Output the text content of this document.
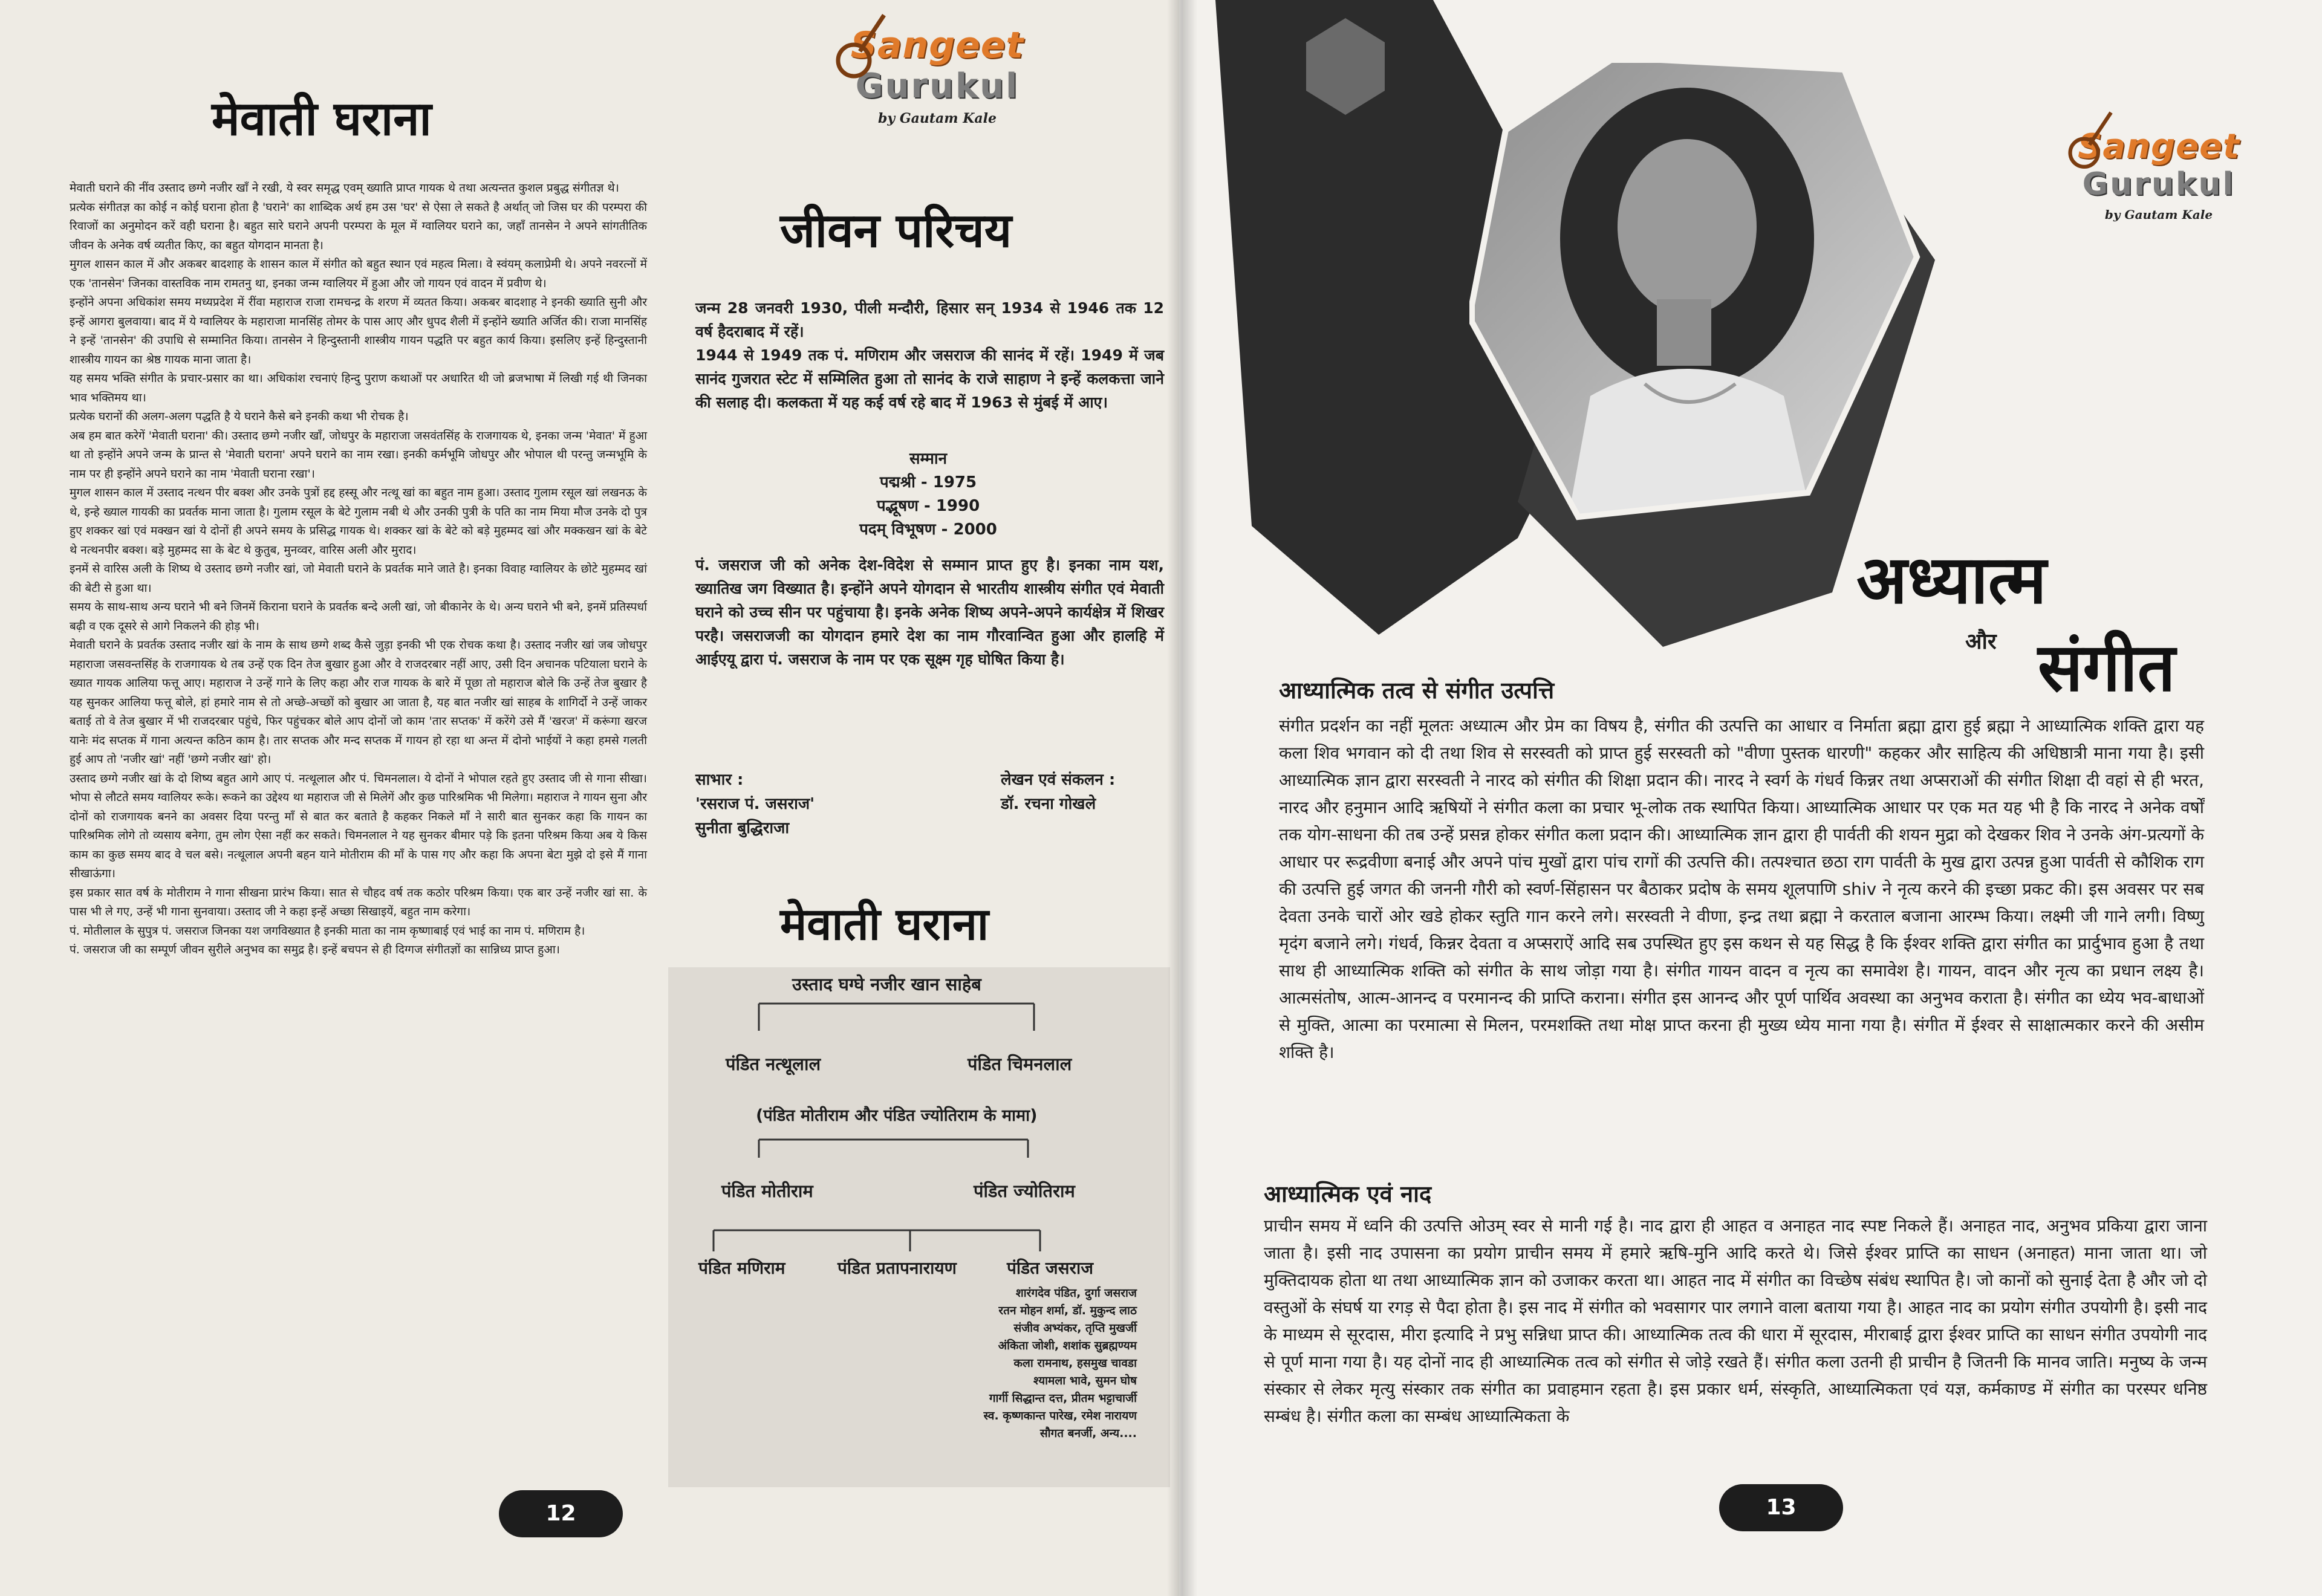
मेवाती घराना

मेवाती घराने की नींव उस्ताद छग्गे नजीर खाँ ने रखी, ये स्वर समृद्ध एवम् ख्याति प्राप्त गायक थे तथा अत्यन्तत कुशल प्रबुद्ध संगीतज्ञ थे।

प्रत्येक संगीतज्ञ का कोई न कोई घराना होता है 'घराने' का शाब्दिक अर्थ हम उस 'घर' से ऐसा ले सकते है अर्थात् जो जिस घर की परम्परा की रिवाजों का अनुमोदन करें वही घराना है। बहुत सारे घराने अपनी परम्परा के मूल में ग्वालियर घराने का, जहाँ तानसेन ने अपने सांगतीतिक जीवन के अनेक वर्ष व्यतीत किए, का बहुत योगदान मानता है।

मुगल शासन काल में और अकबर बादशाह के शासन काल में संगीत को बहुत स्थान एवं महत्व मिला। वे स्वंयम् कलाप्रेमी थे। अपने नवरत्नों में एक 'तानसेन' जिनका वास्तविक नाम रामतनु था, इनका जन्म ग्वालियर में हुआ और जो गायन एवं वादन में प्रवीण थे।

इन्होंने अपना अधिकांश समय मध्यप्रदेश में रींवा महाराज राजा रामचन्द्र के शरण में व्यतत किया। अकबर बादशाह ने इनकी ख्याति सुनी और इन्हें आगरा बुलवाया। बाद में ये ग्वालियर के महाराजा मानसिंह तोमर के पास आए और धुपद शैली में इन्होंने ख्याति अर्जित की। राजा मानसिंह ने इन्हें 'तानसेन' की उपाधि से सम्मानित किया। तानसेन ने हिन्दुस्तानी शास्त्रीय गायन पद्धति पर बहुत कार्य किया। इसलिए इन्हें हिन्दुस्तानी शास्त्रीय गायन का श्रेष्ठ गायक माना जाता है।

यह समय भक्ति संगीत के प्रचार-प्रसार का था। अधिकांश रचनाएं हिन्दु पुराण कथाओं पर अधारित थी जो ब्रजभाषा में लिखी गई थी जिनका भाव भक्तिमय था।

प्रत्येक घरानों की अलग-अलग पद्धति है ये घराने कैसे बने इनकी कथा भी रोचक है।

अब हम बात करेगें 'मेवाती घराना' की। उस्ताद छग्गे नजीर खाँ, जोधपुर के महाराजा जसवंतसिंह के राजगायक थे, इनका जन्म 'मेवात' में हुआ था तो इन्होंने अपने जन्म के प्रान्त से 'मेवाती घराना' अपने घराने का नाम रखा। इनकी कर्मभूमि जोधपुर और भोपाल थी परन्तु जन्मभूमि के नाम पर ही इन्होंने अपने घराने का नाम 'मेवाती घराना रखा'।

मुगल शासन काल में उस्ताद नत्थन पीर बक्श और उनके पुत्रों हद्द हस्सू और नत्थू खां का बहुत नाम हुआ। उस्ताद गुलाम रसूल खां लखनऊ के थे, इन्हे ख्याल गायकी का प्रवर्तक माना जाता है। गुलाम रसूल के बेटे गुलाम नबी थे और उनकी पुत्री के पति का नाम मिया मौज उनके दो पुत्र हुए शक्कर खां एवं मक्खन खां ये दोनों ही अपने समय के प्रसिद्ध गायक थे। शक्कर खां के बेटे को बड़े मुहम्मद खां और मक्कखन खां के बेटे थे नत्थनपीर बक्श। बड़े मुहम्मद सा के बेट थे कुतुब, मुनव्वर, वारिस अली और मुराद।

इनमें से वारिस अली के शिष्य थे उस्ताद छग्गे नजीर खां, जो मेवाती घराने के प्रवर्तक माने जाते है। इनका विवाह ग्वालियर के छोटे मुहम्मद खां की बेटी से हुआ था।

समय के साथ-साथ अन्य घराने भी बने जिनमें किराना घराने के प्रवर्तक बन्दे अली खां, जो बीकानेर के थे। अन्य घराने भी बने, इनमें प्रतिस्पर्धा बढ़ी व एक दूसरे से आगे निकलने की होड़ भी।

मेवाती घराने के प्रवर्तक उस्ताद नजीर खां के नाम के साथ छग्गे शब्द कैसे जुड़ा इनकी भी एक रोचक कथा है। उस्ताद नजीर खां जब जोधपुर महाराजा जसवन्तसिंह के राजगायक थे तब उन्हें एक दिन तेज बुखार हुआ और वे राजदरबार नहीं आए, उसी दिन अचानक पटियाला घराने के ख्यात गायक आलिया फत्तू आए। महाराज ने उन्हें गाने के लिए कहा और राज गायक के बारे में पूछा तो महाराज बोले कि उन्हें तेज बुखार है यह सुनकर आलिया फत्तू बोले, हां हमारे नाम से तो अच्छे-अच्छों को बुखार आ जाता है, यह बात नजीर खां साहब के शागिर्दो ने उन्हें जाकर बताई तो वे तेज बुखार में भी राजदरबार पहुंचे, फिर पहुंचकर बोले आप दोनों जो काम 'तार सप्तक' में करेंगे उसे मैं 'खरज' में करूंगा खरज यानेः मंद सप्तक में गाना अत्यन्त कठिन काम है। तार सप्तक और मन्द सप्तक में गायन हो रहा था अन्त में दोनो भाईयों ने कहा हमसे गलती हुई आप तो 'नजीर खां' नहीं 'छग्गे नजीर खां' हो।

उस्ताद छग्गे नजीर खां के दो शिष्य बहुत आगे आए पं. नत्थूलाल और पं. चिमनलाल। ये दोनों ने भोपाल रहते हुए उस्ताद जी से गाना सीखा। भोपा से लौटते समय ग्वालियर रूके। रूकने का उद्देश्य था महाराज जी से मिलेगें और कुछ पारिश्रमिक भी मिलेगा। महाराज ने गायन सुना और दोनों को राजगायक बनने का अवसर दिया परन्तु माँ से बात कर बताते है कहकर निकले माँ ने सारी बात सुनकर कहा कि गायन का पारिश्रमिक लोगे तो व्यसाय बनेगा, तुम लोग ऐसा नहीं कर सकते। चिमनलाल ने यह सुनकर बीमार पड़े कि इतना परिश्रम किया अब ये किस काम का कुछ समय बाद वे चल बसे। नत्थूलाल अपनी बहन याने मोतीराम की माँ के पास गए और कहा कि अपना बेटा मुझे दो इसे मैं गाना सीखाऊंगा।

इस प्रकार सात वर्ष के मोतीराम ने गाना सीखना प्रारंभ किया। सात से चौहद वर्ष तक कठोर परिश्रम किया। एक बार उन्हें नजीर खां सा. के पास भी ले गए, उन्हें भी गाना सुनवाया। उस्ताद जी ने कहा इन्हें अच्छा सिखाइयें, बहुत नाम करेगा।

पं. मोतीलाल के सुपुत्र पं. जसराज जिनका यश जगविख्यात है इनकी माता का नाम कृष्णाबाई एवं भाई का नाम पं. मणिराम है।

पं. जसराज जी का सम्पूर्ण जीवन सुरीले अनुभव का समुद्र है। इन्हें बचपन से ही दिग्गज संगीतज्ञों का सान्निध्य प्राप्त हुआ।

Sangeet
Gurukul
by Gautam Kale
जीवन परिचय

जन्म 28 जनवरी 1930, पीली मन्दौरी, हिसार सन् 1934 से 1946 तक 12 वर्ष हैदराबाद में रहें।

1944 से 1949 तक पं. मणिराम और जसराज की सानंद में रहें। 1949 में जब सानंद गुजरात स्टेट में सम्मिलित हुआ तो सानंद के राजे साहाण ने इन्हें कलकत्ता जाने की सलाह दी। कलकता में यह कई वर्ष रहे बाद में 1963 से मुंबई में आए।

सम्मान
पद्मश्री - 1975
पद्भूषण - 1990
पदम् विभूषण - 2000

पं. जसराज जी को अनेक देश-विदेश से सम्मान प्राप्त हुए है। इनका नाम यश, ख्यातिख जग विख्यात है। इन्होंने अपने योगदान से भारतीय शास्त्रीय संगीत एवं मेवाती घराने को उच्च सीन पर पहुंचाया है। इनके अनेक शिष्य अपने-अपने कार्यक्षेत्र में शिखर परहै। जसराजजी का योगदान हमारे देश का नाम गौरवान्वित हुआ और हालहि में आईएयू द्वारा पं. जसराज के नाम पर एक सूक्ष्म गृह घोषित किया है।

साभार :
'रसराज पं. जसराज'
सुनीता बुद्धिराजा
लेखन एवं संकलन :
डॉ. रचना गोखले
मेवाती घराना
उस्ताद घग्घे नजीर खान साहेब
पंडित नत्थूलाल	पंडित चिमनलाल
(पंडित मोतीराम और पंडित ज्योतिराम के मामा)
पंडित मोतीराम	पंडित ज्योतिराम
पंडित मणिराम	पंडित प्रतापनारायण	पंडित जसराज
शारंगदेव पंडित, दुर्गा जसराज
रतन मोहन शर्मा, डॉ. मुकुन्द लाठ
संजीव अभ्यंकर, तृप्ति मुखर्जी
अंकिता जोशी, शशांक सुब्रह्मण्यम
कला रामनाथ, हसमुख चावडा
श्यामला भावे, सुमन घोष
गार्गी सिद्धान्त दत्त, प्रीतम भट्टाचार्जी
स्व. कृष्णकान्त पारेख, रमेश नारायण
सौगत बनर्जी, अन्य....
12
Sangeet
Gurukul
by Gautam Kale
अध्यात्म
और संगीत
आध्यात्मिक तत्व से संगीत उत्पत्ति

संगीत प्रदर्शन का नहीं मूलतः अध्यात्म और प्रेम का विषय है, संगीत की उत्पत्ति का आधार व निर्माता ब्रह्मा द्वारा हुई ब्रह्मा ने आध्यात्मिक शक्ति द्वारा यह कला शिव भगवान को दी तथा शिव से सरस्वती को प्राप्त हुई सरस्वती को "वीणा पुस्तक धारणी" कहकर और साहित्य की अधिष्ठात्री माना गया है। इसी आध्यात्मिक ज्ञान द्वारा सरस्वती ने नारद को संगीत की शिक्षा प्रदान की। नारद ने स्वर्ग के गंधर्व किन्नर तथा अप्सराओं की संगीत शिक्षा दी वहां से ही भरत, नारद और हनुमान आदि ऋषियों ने संगीत कला का प्रचार भू-लोक तक स्थापित किया। आध्यात्मिक आधार पर एक मत यह भी है कि नारद ने अनेक वर्षों तक योग-साधना की तब उन्हें प्रसन्न होकर संगीत कला प्रदान की। आध्यात्मिक ज्ञान द्वारा ही पार्वती की शयन मुद्रा को देखकर शिव ने उनके अंग-प्रत्यगों के आधार पर रूद्रवीणा बनाई और अपने पांच मुखों द्वारा पांच रागों की उत्पत्ति की। तत्पश्चात छठा राग पार्वती के मुख द्वारा उत्पन्न हुआ पार्वती से कौशिक राग की उत्पत्ति हुई जगत की जननी गौरी को स्वर्ण-सिंहासन पर बैठाकर प्रदोष के समय शूलपाणि shiv ने नृत्य करने की इच्छा प्रकट की। इस अवसर पर सब देवता उनके चारों ओर खडे होकर स्तुति गान करने लगे। सरस्वती ने वीणा, इन्द्र तथा ब्रह्मा ने करताल बजाना आरम्भ किया। लक्ष्मी जी गाने लगी। विष्णु मृदंग बजाने लगे। गंधर्व, किन्नर देवता व अप्सराऐं आदि सब उपस्थित हुए इस कथन से यह सिद्ध है कि ईश्वर शक्ति द्वारा संगीत का प्रार्दुभाव हुआ है तथा साथ ही आध्यात्मिक शक्ति को संगीत के साथ जोड़ा गया है। संगीत गायन वादन व नृत्य का समावेश है। गायन, वादन और नृत्य का प्रधान लक्ष्य है। आत्मसंतोष, आत्म-आनन्द व परमानन्द की प्राप्ति कराना। संगीत इस आनन्द और पूर्ण पार्थिव अवस्था का अनुभव कराता है। संगीत का ध्येय भव-बाधाओं से मुक्ति, आत्मा का परमात्मा से मिलन, परमशक्ति तथा मोक्ष प्राप्त करना ही मुख्य ध्येय माना गया है। संगीत में ईश्वर से साक्षात्मकार करने की असीम शक्ति है।

आध्यात्मिक एवं नाद

प्राचीन समय में ध्वनि की उत्पत्ति ओउम् स्वर से मानी गई है। नाद द्वारा ही आहत व अनाहत नाद स्पष्ट निकले हैं। अनाहत नाद, अनुभव प्रकिया द्वारा जाना जाता है। इसी नाद उपासना का प्रयोग प्राचीन समय में हमारे ऋषि-मुनि आदि करते थे। जिसे ईश्वर प्राप्ति का साधन (अनाहत) माना जाता था। जो मुक्तिदायक होता था तथा आध्यात्मिक ज्ञान को उजाकर करता था। आहत नाद में संगीत का विच्छेष संबंध स्थापित है। जो कानों को सुनाई देता है और जो दो वस्तुओं के संघर्ष या रगड़ से पैदा होता है। इस नाद में संगीत को भवसागर पार लगाने वाला बताया गया है। आहत नाद का प्रयोग संगीत उपयोगी है। इसी नाद के माध्यम से सूरदास, मीरा इत्यादि ने प्रभु सन्निधा प्राप्त की। आध्यात्मिक तत्व की धारा में सूरदास, मीराबाई द्वारा ईश्वर प्राप्ति का साधन संगीत उपयोगी नाद से पूर्ण माना गया है। यह दोनों नाद ही आध्यात्मिक तत्व को संगीत से जोड़े रखते हैं। संगीत कला उतनी ही प्राचीन है जितनी कि मानव जाति। मनुष्य के जन्म संस्कार से लेकर मृत्यु संस्कार तक संगीत का प्रवाहमान रहता है। इस प्रकार धर्म, संस्कृति, आध्यात्मिकता एवं यज्ञ, कर्मकाण्ड में संगीत का परस्पर धनिष्ठ सम्बंध है। संगीत कला का सम्बंध आध्यात्मिकता के

13
